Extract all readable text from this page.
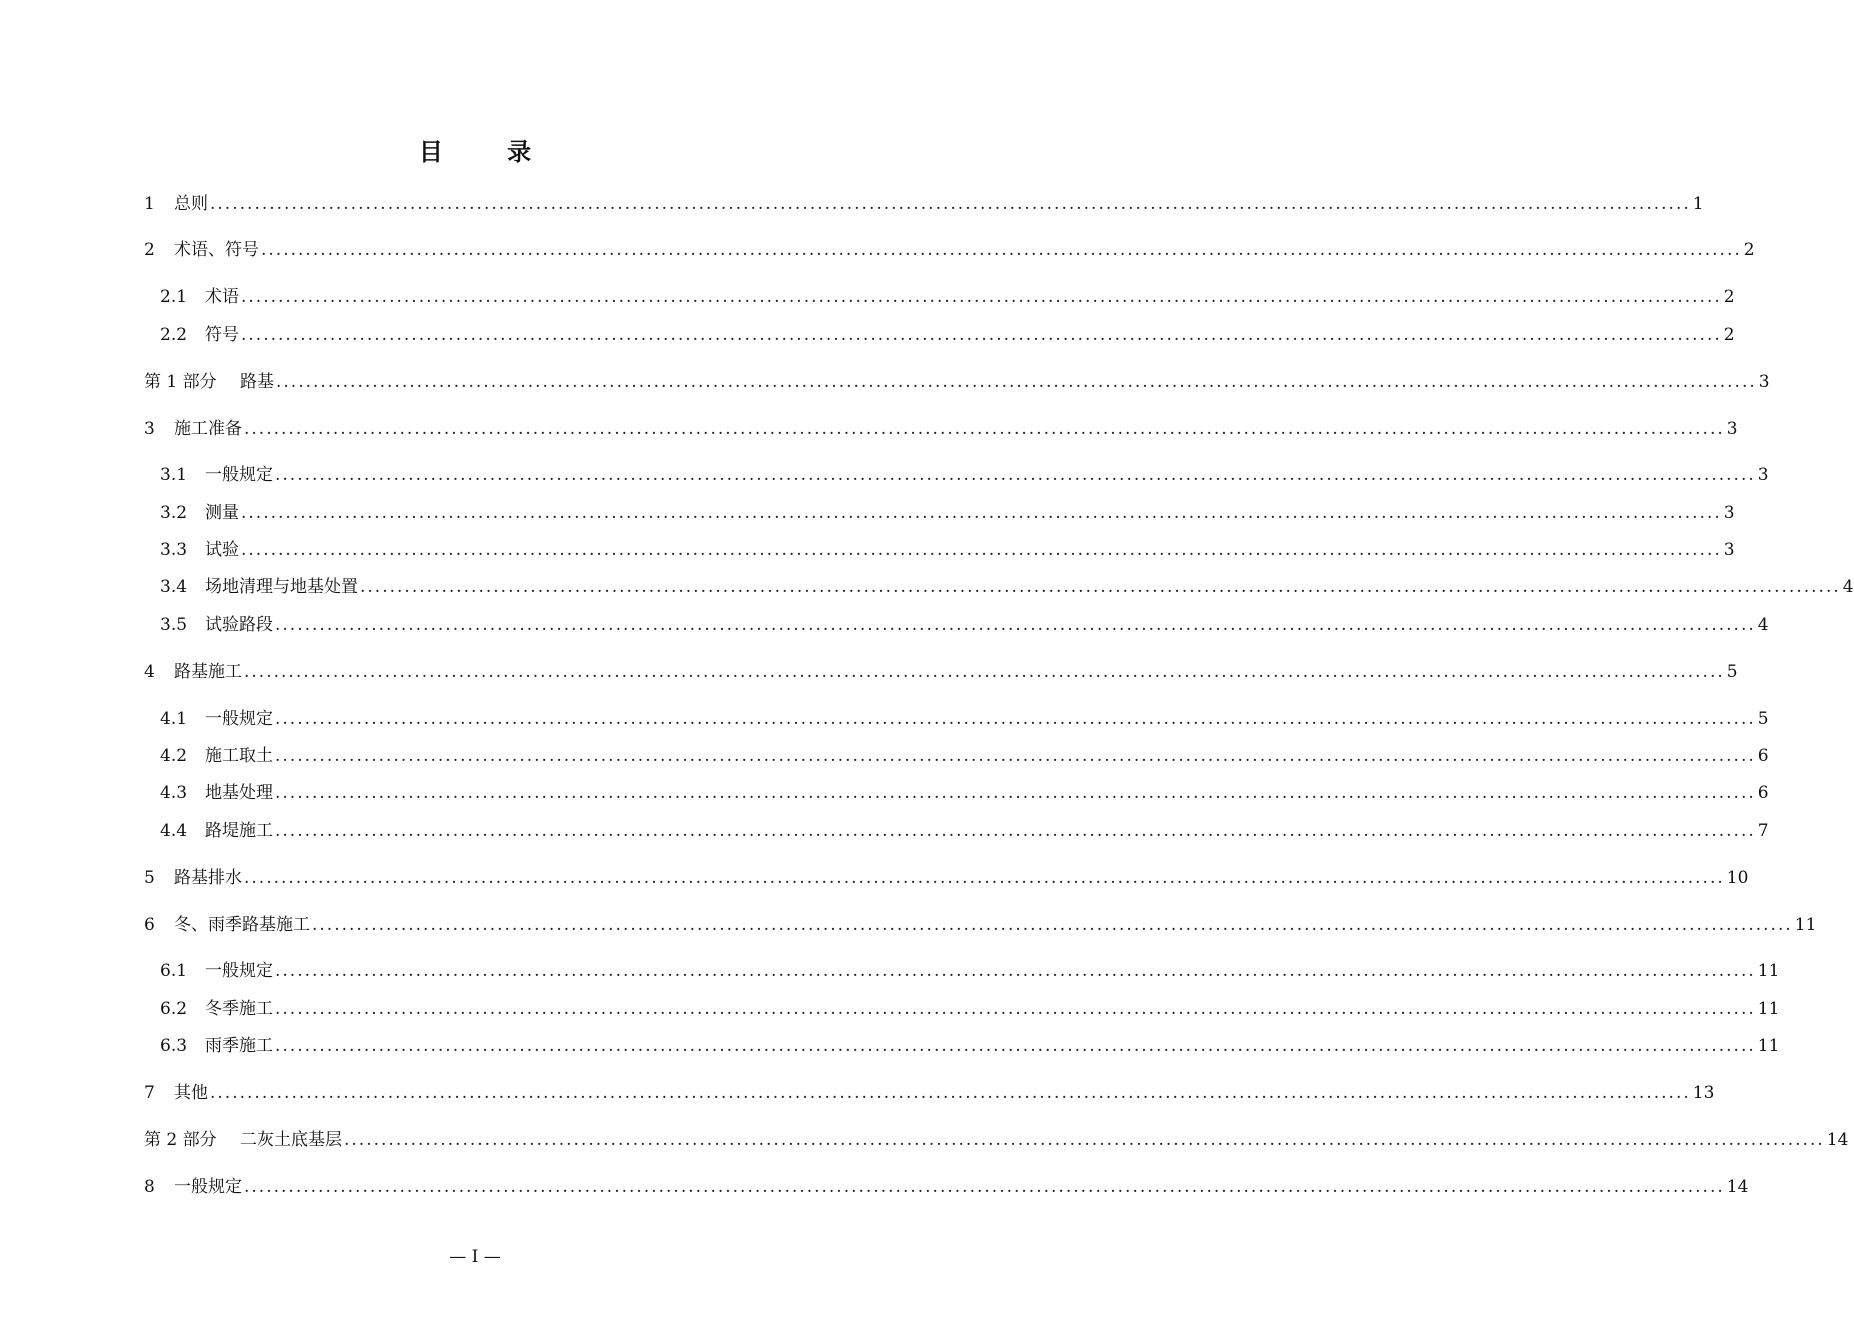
目 录
1	总则 ........................................................................................................................................................................................................ 1
2	术语、符号 ........................................................................................................................................................................................................ 2
2.1	术语 ........................................................................................................................................................................................................ 2
2.2	符号 ........................................................................................................................................................................................................ 2
第 1 部分	路基 ........................................................................................................................................................................................................ 3
3	施工准备 ........................................................................................................................................................................................................ 3
3.1	一般规定 ........................................................................................................................................................................................................ 3
3.2	测量 ........................................................................................................................................................................................................ 3
3.3	试验 ........................................................................................................................................................................................................ 3
3.4	场地清理与地基处置 ........................................................................................................................................................................................................ 4
3.5	试验路段 ........................................................................................................................................................................................................ 4
4	路基施工 ........................................................................................................................................................................................................ 5
4.1	一般规定 ........................................................................................................................................................................................................ 5
4.2	施工取土 ........................................................................................................................................................................................................ 6
4.3	地基处理 ........................................................................................................................................................................................................ 6
4.4	路堤施工 ........................................................................................................................................................................................................ 7
5	路基排水 ........................................................................................................................................................................................................ 10
6	冬、雨季路基施工 ........................................................................................................................................................................................................ 11
6.1	一般规定 ........................................................................................................................................................................................................ 11
6.2	冬季施工 ........................................................................................................................................................................................................ 11
6.3	雨季施工 ........................................................................................................................................................................................................ 11
7	其他 ........................................................................................................................................................................................................ 13
第 2 部分	二灰土底基层 ........................................................................................................................................................................................................ 14
8	一般规定 ........................................................................................................................................................................................................ 14
— I —
